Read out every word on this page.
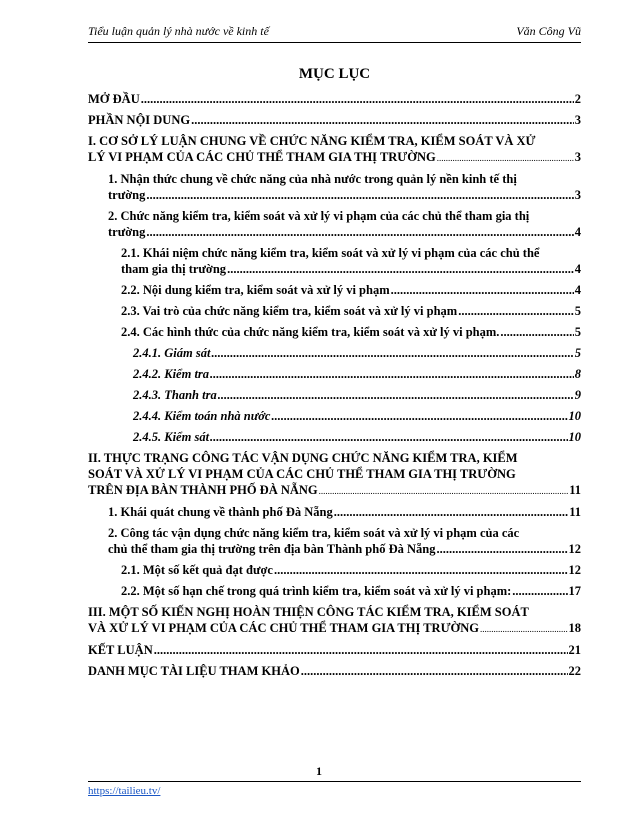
Tiểu luận quản lý nhà nước về kinh tế	Văn Công Vũ
MỤC LỤC
MỞ ĐẦU .....	2
PHẦN NỘI DUNG .....	3
I. CƠ SỞ LÝ LUẬN CHUNG VỀ CHỨC NĂNG KIỂM TRA, KIỂM SOÁT VÀ XỬ
LÝ VI PHẠM CỦA CÁC CHỦ THỂ THAM GIA THỊ TRƯỜNG .....	3
1. Nhận thức chung về chức năng của nhà nước trong quản lý nền kinh tế thị
trường .....	3
2. Chức năng kiểm tra, kiểm soát và xử lý vi phạm của các chủ thể tham gia thị
trường .....	4
2.1. Khái niệm chức năng kiểm tra, kiểm soát và xử lý vi phạm của các chủ thể
tham gia thị trường .....	4
2.2. Nội dung kiểm tra, kiểm soát và xử lý vi phạm .....	4
2.3. Vai trò của chức năng kiểm tra, kiểm soát và xử lý vi phạm .....	5
2.4. Các hình thức của chức năng kiểm tra, kiểm soát và xử lý vi phạm. .....	5
2.4.1. Giám sát .....	5
2.4.2. Kiểm tra .....	8
2.4.3. Thanh tra .....	9
2.4.4. Kiểm toán nhà nước .....	10
2.4.5. Kiểm sát .....	10
II. THỰC TRẠNG CÔNG TÁC VẬN DỤNG CHỨC NĂNG KIỂM TRA, KIỂM
SOÁT VÀ XỬ LÝ VI PHẠM CỦA CÁC CHỦ THỂ THAM GIA THỊ TRƯỜNG
TRÊN ĐỊA BÀN THÀNH PHỐ ĐÀ NẴNG .....	11
1. Khái quát chung về thành phố Đà Nẵng .....	11
2. Công tác vận dụng chức năng kiểm tra, kiểm soát và xử lý vi phạm của các
chủ thể tham gia thị trường trên địa bàn Thành phố Đà Nẵng .....	12
2.1. Một số kết quả đạt được .....	12
2.2. Một số hạn chế trong quá trình kiểm tra, kiểm soát và xử lý vi phạm: .....	17
III. MỘT SỐ KIẾN NGHỊ HOÀN THIỆN CÔNG TÁC KIỂM TRA, KIỂM SOÁT
VÀ XỬ LÝ VI PHẠM CỦA CÁC CHỦ THỂ THAM GIA THỊ TRƯỜNG .....	18
KẾT LUẬN .....	21
DANH MỤC TÀI LIỆU THAM KHẢO .....	22
1
https://tailieu.tv/
